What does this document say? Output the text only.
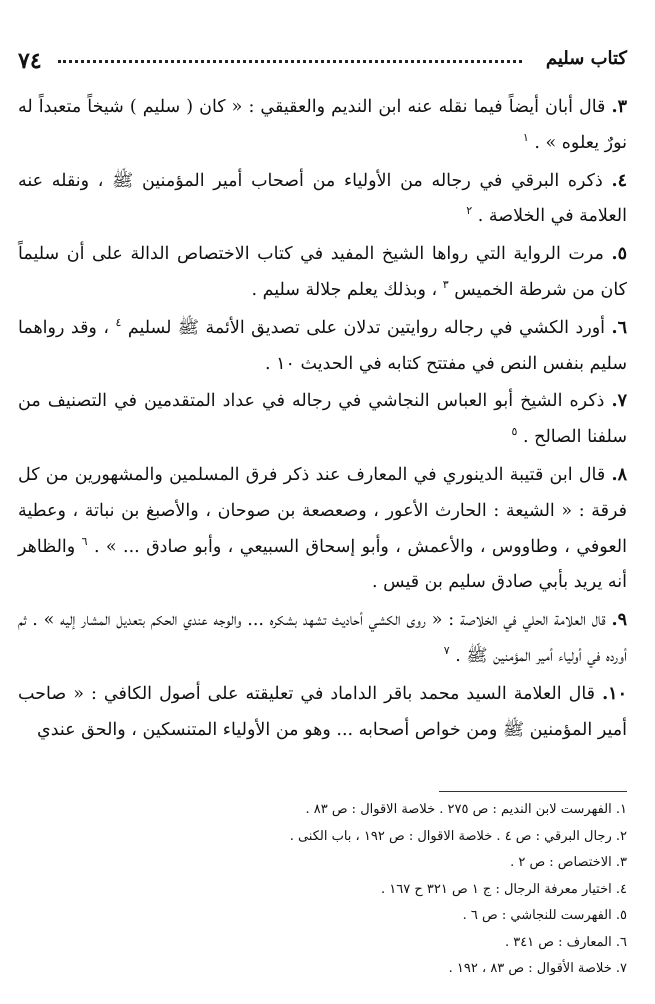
٧٤	كتاب سليم

٣. قال أبان أيضاً فيما نقله عنه ابن النديم والعقيقي : « كان ( سليم ) شيخاً متعبداً له نورٌ يعلوه » . $^١$

٤. ذكره البرقي في رجاله من الأولياء من أصحاب أمير المؤمنين ﷺ ، ونقله عنه العلامة في الخلاصة . $^٢$

٥. مرت الرواية التي رواها الشيخ المفيد في كتاب الاختصاص الدالة على أن سليماً كان من شرطة الخميس $^٣$ ، وبذلك يعلم جلالة سليم .

٦. أورد الكشي في رجاله روايتين تدلان على تصديق الأئمة ﷺ لسليم $^٤$ ، وقد رواهما سليم بنفس النص في مفتتح كتابه في الحديث ١٠ .

٧. ذكره الشيخ أبو العباس النجاشي في رجاله في عداد المتقدمين في التصنيف من سلفنا الصالح . $^٥$

٨. قال ابن قتيبة الدينوري في المعارف عند ذكر فرق المسلمين والمشهورين من كل فرقة : « الشيعة : الحارث الأعور ، وصعصعة بن صوحان ، والأصبغ بن نباتة ، وعطية العوفي ، وطاووس ، والأعمش ، وأبو إسحاق السبيعي ، وأبو صادق ... » . $^٦$ والظاهر أنه يريد بأبي صادق سليم بن قيس .

٩. قال العلامة الحلي في الخلاصة : « روى الكشي أحاديث تشهد بشكره ... والوجه عندي الحكم بتعديل المشار إليه » . ثم أورده في أولياء أمير المؤمنين ﷺ . $^٧$

١٠. قال العلامة السيد محمد باقر الداماد في تعليقته على أصول الكافي : « صاحب أمير المؤمنين ﷺ ومن خواص أصحابه ... وهو من الأولياء المتنسكين ، والحق عندي

١. الفهرست لابن النديم : ص ٢٧٥ . خلاصة الاقوال : ص ٨٣ .
٢. رجال البرقي : ص ٤ . خلاصة الاقوال : ص ١٩٢ ، باب الكنى .
٣. الاختصاص : ص ٢ .
٤. اختيار معرفة الرجال : ج ١ ص ٣٢١ ح ١٦٧ .
٥. الفهرست للنجاشي : ص ٦ .
٦. المعارف : ص ٣٤١ .
٧. خلاصة الأقوال : ص ٨٣ ، ١٩٢ .
